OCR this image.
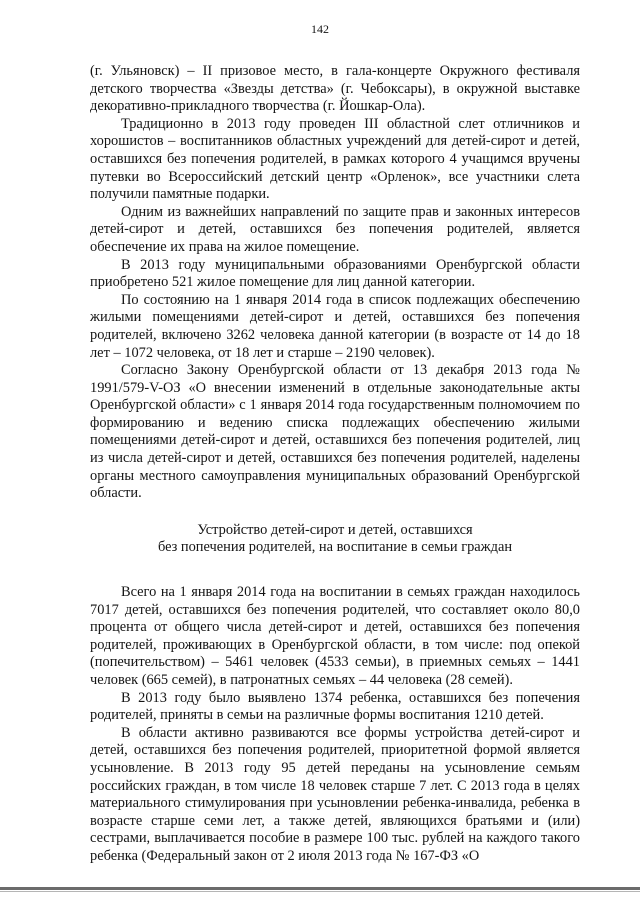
142

(г. Ульяновск) – II призовое место, в гала-концерте Окружного фестиваля детского творчества «Звезды детства» (г. Чебоксары), в окружной выставке декоративно-прикладного творчества (г. Йошкар-Ола).

Традиционно в 2013 году проведен III областной слет отличников и хорошистов – воспитанников областных учреждений для детей-сирот и детей, оставшихся без попечения родителей, в рамках которого 4 учащимся вручены путевки во Всероссийский детский центр «Орленок», все участники слета получили памятные подарки.

Одним из важнейших направлений по защите прав и законных интересов детей-сирот и детей, оставшихся без попечения родителей, является обеспечение их права на жилое помещение.

В 2013 году муниципальными образованиями Оренбургской области приобретено 521 жилое помещение для лиц данной категории.

По состоянию на 1 января 2014 года в список подлежащих обеспечению жилыми помещениями детей-сирот и детей, оставшихся без попечения родителей, включено 3262 человека данной категории (в возрасте от 14 до 18 лет – 1072 человека, от 18 лет и старше – 2190 человек).

Согласно Закону Оренбургской области от 13 декабря 2013 года № 1991/579-V-ОЗ «О внесении изменений в отдельные законодательные акты Оренбургской области» с 1 января 2014 года государственным полномочием по формированию и ведению списка подлежащих обеспечению жилыми помещениями детей-сирот и детей, оставшихся без попечения родителей, лиц из числа детей-сирот и детей, оставшихся без попечения родителей, наделены органы местного самоуправления муниципальных образований Оренбургской области.

Устройство детей-сирот и детей, оставшихся
без попечения родителей, на воспитание в семьи граждан

Всего на 1 января 2014 года на воспитании в семьях граждан находилось 7017 детей, оставшихся без попечения родителей, что составляет около 80,0 процента от общего числа детей-сирот и детей, оставшихся без попечения родителей, проживающих в Оренбургской области, в том числе: под опекой (попечительством) – 5461 человек (4533 семьи), в приемных семьях – 1441 человек (665 семей), в патронатных семьях – 44 человека (28 семей).

В 2013 году было выявлено 1374 ребенка, оставшихся без попечения родителей, приняты в семьи на различные формы воспитания 1210 детей.

В области активно развиваются все формы устройства детей-сирот и детей, оставшихся без попечения родителей, приоритетной формой является усыновление. В 2013 году 95 детей переданы на усыновление семьям российских граждан, в том числе 18 человек старше 7 лет. С 2013 года в целях материального стимулирования при усыновлении ребенка-инвалида, ребенка в возрасте старше семи лет, а также детей, являющихся братьями и (или) сестрами, выплачивается пособие в размере 100 тыс. рублей на каждого такого ребенка (Федеральный закон от 2 июля 2013 года № 167-ФЗ «О
